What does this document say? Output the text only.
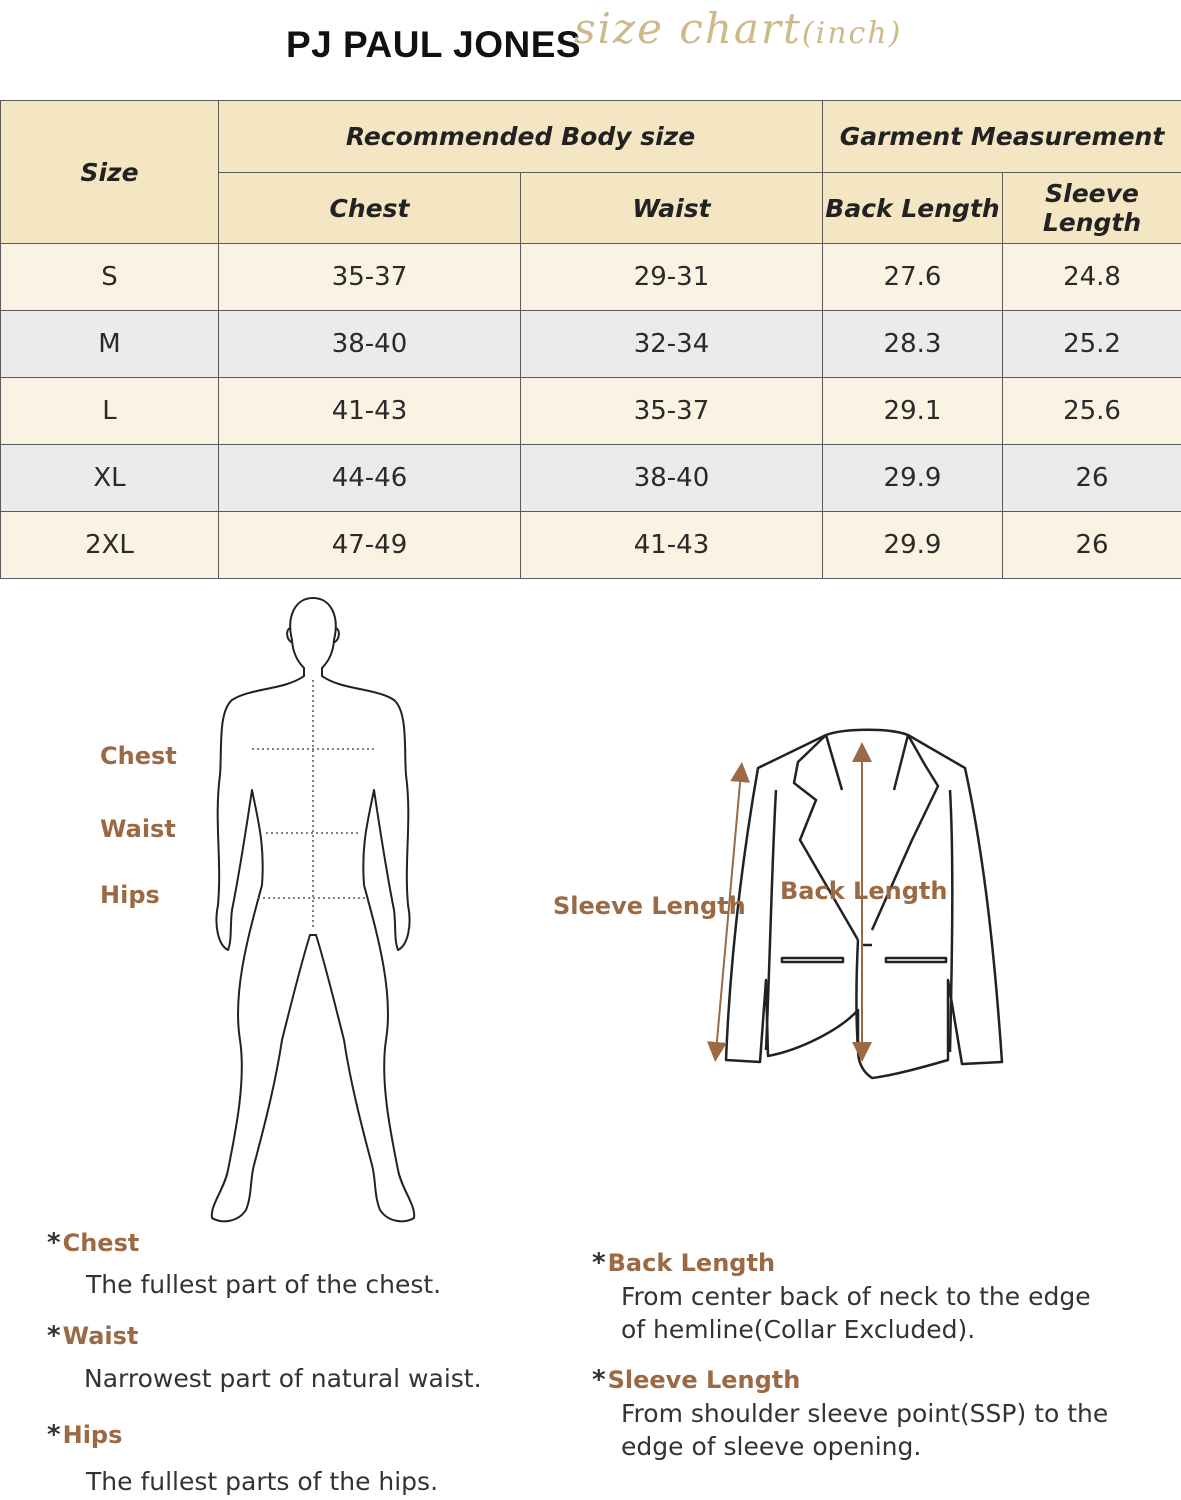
PJ PAUL JONES
size chart(inch)
Size	Recommended Body size		Garment Measurement	
	Chest	Waist	Back Length	Sleeve Length
S	35-37	29-31	27.6	24.8
M	38-40	32-34	28.3	25.2
L	41-43	35-37	29.1	25.6
XL	44-46	38-40	29.9	26
2XL	47-49	41-43	29.9	26
Chest
Waist
Hips	Sleeve Length
Back Length
*Chest
The fullest part of the chest.
*Waist
Narrowest part of natural waist.
*Hips
The fullest parts of the hips.
*Back Length
From center back of neck to the edge
of hemline(Collar Excluded).
*Sleeve Length
From shoulder sleeve point(SSP) to the
edge of sleeve opening.
